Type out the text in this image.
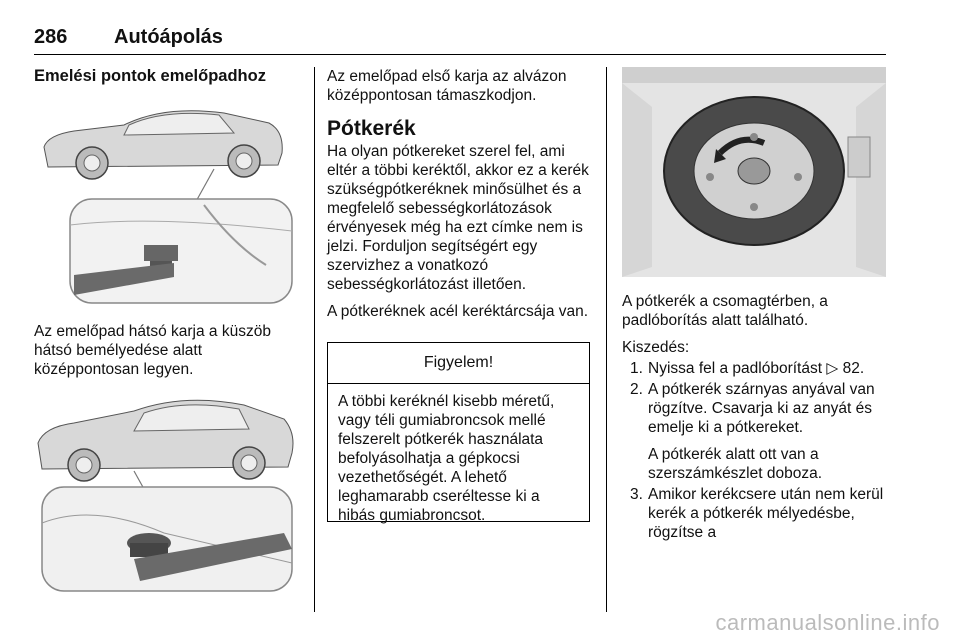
286 Autóápolás
Emelési pontok emelőpadhoz

Az emelőpad hátsó karja a küszöb hátsó bemélyedése alatt középpontosan legyen.

Az emelőpad első karja az alvázon középpontosan támaszkodjon.

Pótkerék

Ha olyan pótkereket szerel fel, ami eltér a többi keréktől, akkor ez a kerék szükségpótkeréknek minősülhet és a megfelelő sebességkorlátozások érvényesek még ha ezt címke nem is jelzi. Forduljon segítségért egy szervizhez a vonatkozó sebességkorlátozást illetően.

A pótkeréknek acél keréktárcsája van.

Figyelem!
A többi keréknél kisebb méretű, vagy téli gumiabroncsok mellé felszerelt pótkerék használata befolyásolhatja a gépkocsi vezethetőségét. A lehető leghamarabb cseréltesse ki a hibás gumiabroncsot.

A pótkerék a csomagtérben, a padlóborítás alatt található.

Kiszedés:

1. Nyissa fel a padlóborítást ▷ 82.
2. A pótkerék szárnyas anyával van rögzítve. Csavarja ki az anyát és emelje ki a pótkereket.
A pótkerék alatt ott van a szerszámkészlet doboza.
3. Amikor kerékcsere után nem kerül kerék a pótkerék mélyedésbe, rögzítse a
carmanualsonline.info
